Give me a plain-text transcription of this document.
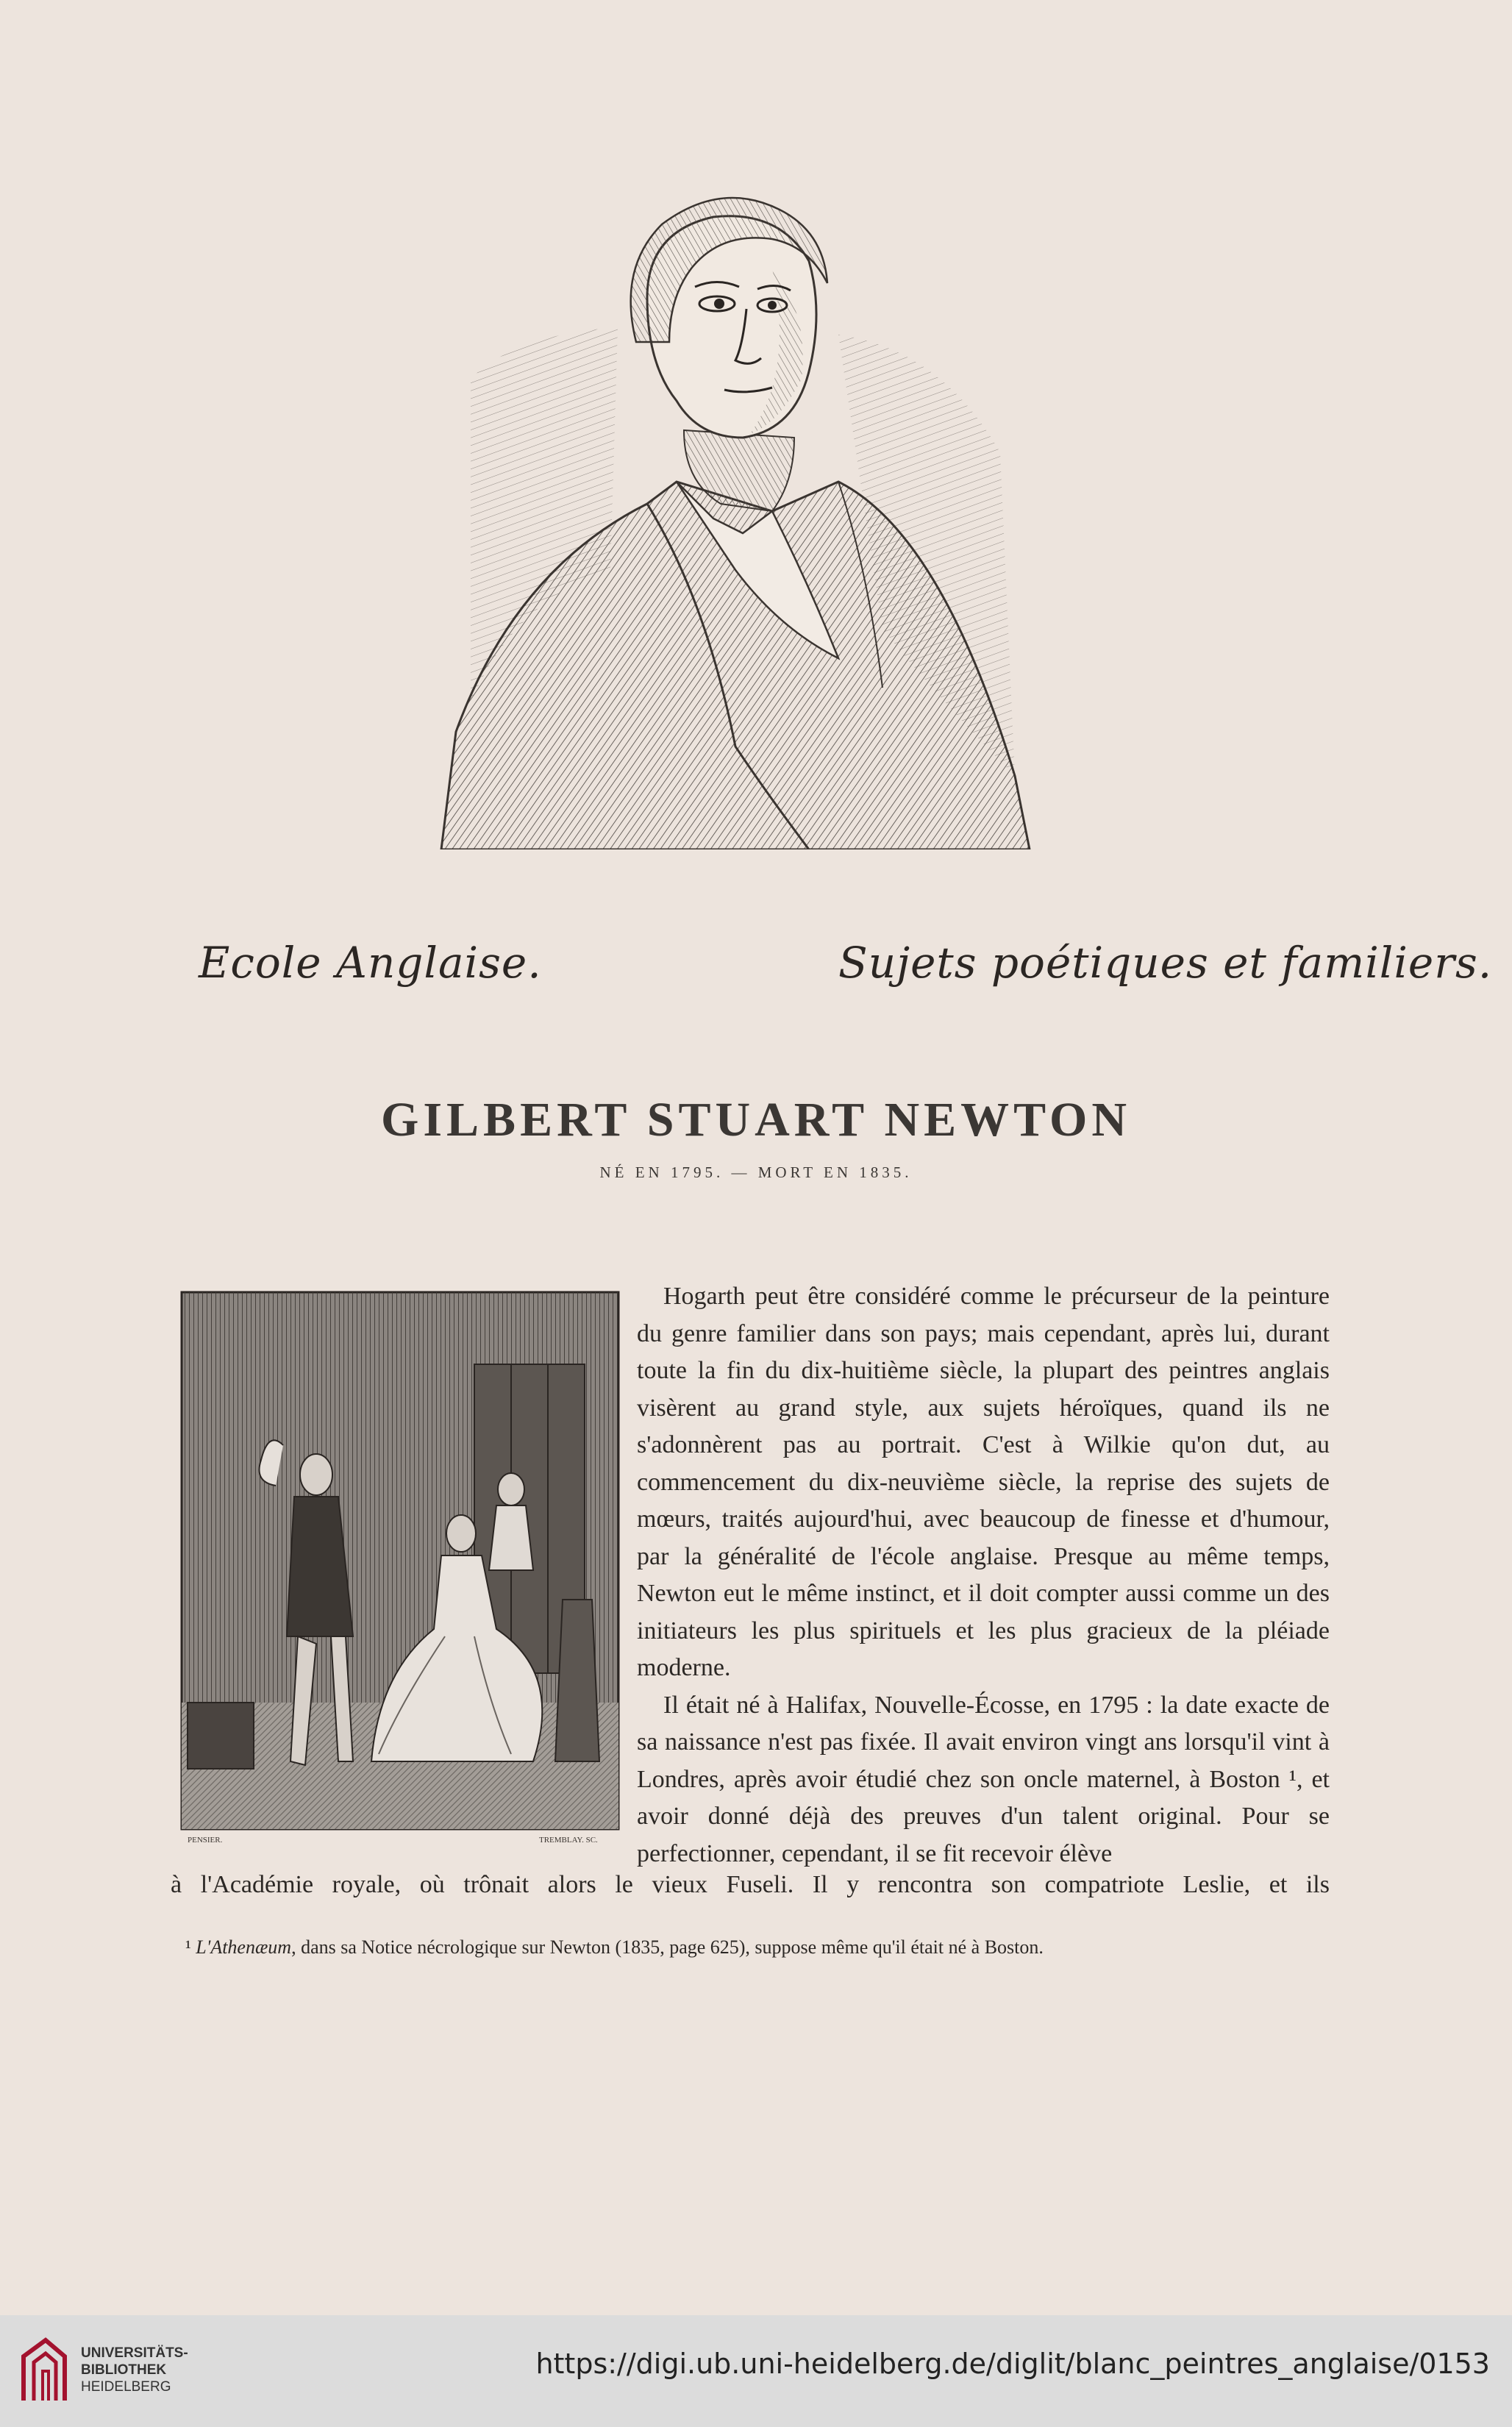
Ecole Anglaise.	Sujets poétiques et familiers.
GILBERT STUART NEWTON
NÉ EN 1795. — MORT EN 1835.
PENSIER.	TREMBLAY. SC.

Hogarth peut être considéré comme le précurseur de la peinture du genre familier dans son pays; mais cependant, après lui, durant toute la fin du dix-huitième siècle, la plupart des peintres anglais visèrent au grand style, aux sujets héroïques, quand ils ne s'adonnèrent pas au portrait. C'est à Wilkie qu'on dut, au commencement du dix-neuvième siècle, la reprise des sujets de mœurs, traités aujourd'hui, avec beaucoup de finesse et d'humour, par la généralité de l'école anglaise. Presque au même temps, Newton eut le même instinct, et il doit compter aussi comme un des initiateurs les plus spirituels et les plus gracieux de la pléiade moderne.

Il était né à Halifax, Nouvelle-Écosse, en 1795 : la date exacte de sa naissance n'est pas fixée. Il avait environ vingt ans lorsqu'il vint à Londres, après avoir étudié chez son oncle maternel, à Boston ¹, et avoir donné déjà des preuves d'un talent original. Pour se perfectionner, cependant, il se fit recevoir élève

à l'Académie royale, où trônait alors le vieux Fuseli. Il y rencontra son compatriote Leslie, et ils
¹ L'Athenæum, dans sa Notice nécrologique sur Newton (1835, page 625), suppose même qu'il était né à Boston.
UNIVERSITÄTS-
BIBLIOTHEK
HEIDELBERG
https://digi.ub.uni-heidelberg.de/diglit/blanc_peintres_anglaise/0153
